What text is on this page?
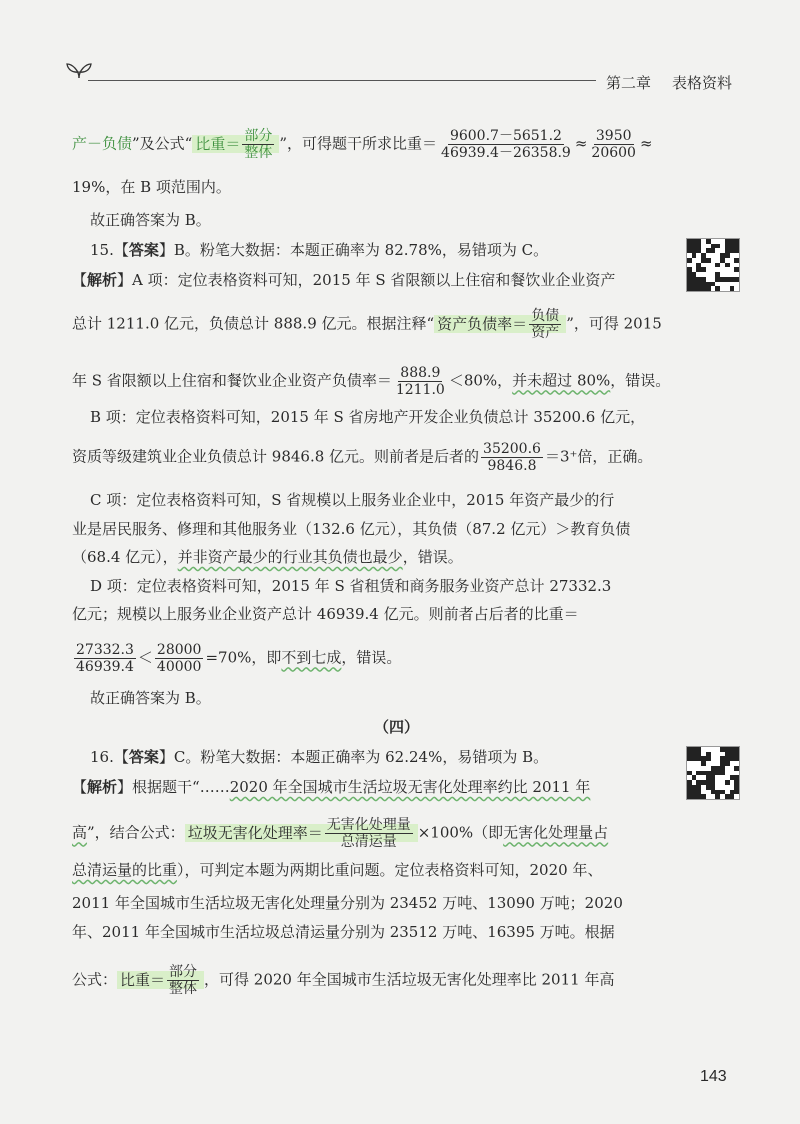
第二章 表格资料
产－负债”及公式“ 比重＝ $\frac{\text{部分}}{\text{整体}}$ ”，可得题干所求比重＝ $\frac{9600.7-5651.2}{46939.4-26358.9} \approx \frac{3950}{20600}$ ≈
19%，在 B 项范围内。
故正确答案为 B。
15.【答案】B。粉笔大数据：本题正确率为 82.78%，易错项为 C。
【解析】A 项：定位表格资料可知，2015 年 S 省限额以上住宿和餐饮业企业资产
总计 1211.0 亿元，负债总计 888.9 亿元。根据注释“ 资产负债率＝ $\frac{\text{负债}}{\text{资产}}$ ”，可得 2015
年 S 省限额以上住宿和餐饮业企业资产负债率＝ $\frac{888.9}{1211.0} <80\%$，并未超过 80%，错误。
B 项：定位表格资料可知，2015 年 S 省房地产开发企业负债总计 35200.6 亿元，
资质等级建筑业企业负债总计 9846.8 亿元。则前者是后者的 $\frac{35200.6}{9846.8} =3^+$倍，正确。
C 项：定位表格资料可知，S 省规模以上服务业企业中，2015 年资产最少的行
业是居民服务、修理和其他服务业（132.6 亿元），其负债（87.2 亿元）＞教育负债
（68.4 亿元），并非资产最少的行业其负债也最少，错误。
D 项：定位表格资料可知，2015 年 S 省租赁和商务服务业资产总计 27332.3
亿元；规模以上服务业企业资产总计 46939.4 亿元。则前者占后者的比重＝
$\frac{27332.3}{46939.4} < \frac{28000}{40000} =70\%$，即不到七成，错误。
故正确答案为 B。
（四）
16.【答案】C。粉笔大数据：本题正确率为 62.24%，易错项为 B。
【解析】根据题干“……2020 年全国城市生活垃圾无害化处理率约比 2011 年
高”，结合公式： 垃圾无害化处理率＝ $\frac{\text{无害化处理量}}{\text{总清运量}} \times 100\%$（即无害化处理量占
总清运量的比重），可判定本题为两期比重问题。定位表格资料可知，2020 年、
2011 年全国城市生活垃圾无害化处理量分别为 23452 万吨、13090 万吨；2020
年、2011 年全国城市生活垃圾总清运量分别为 23512 万吨、16395 万吨。根据
公式： 比重＝ $\frac{\text{部分}}{\text{整体}}$ ，可得 2020 年全国城市生活垃圾无害化处理率比 2011 年高
143
